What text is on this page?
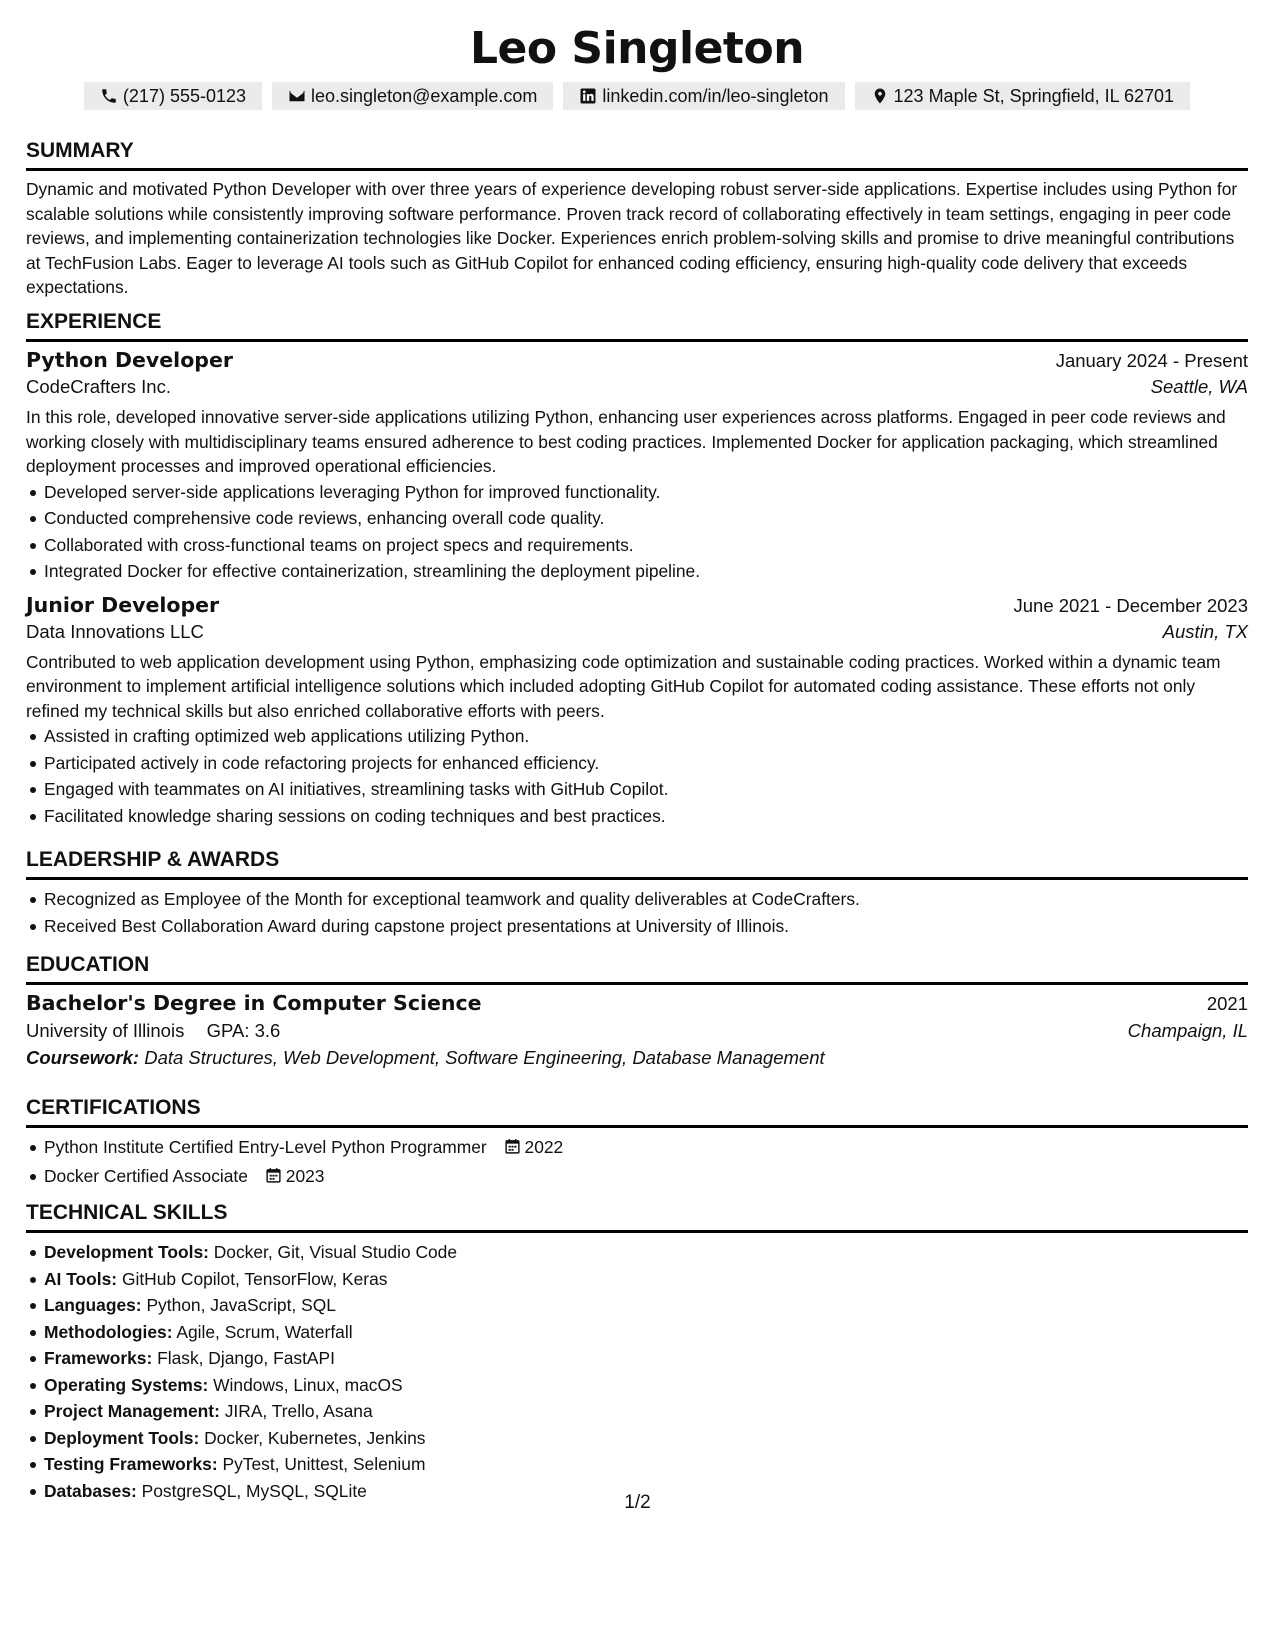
Leo Singleton
(217) 555-0123	leo.singleton@example.com	linkedin.com/in/leo-singleton	123 Maple St, Springfield, IL 62701
SUMMARY

Dynamic and motivated Python Developer with over three years of experience developing robust server-side applications. Expertise includes using Python for scalable solutions while consistently improving software performance. Proven track record of collaborating effectively in team settings, engaging in peer code reviews, and implementing containerization technologies like Docker. Experiences enrich problem-solving skills and promise to drive meaningful contributions at TechFusion Labs. Eager to leverage AI tools such as GitHub Copilot for enhanced coding efficiency, ensuring high-quality code delivery that exceeds expectations.

EXPERIENCE
Python Developer	January 2024 - Present
CodeCrafters Inc.	Seattle, WA

In this role, developed innovative server-side applications utilizing Python, enhancing user experiences across platforms. Engaged in peer code reviews and working closely with multidisciplinary teams ensured adherence to best coding practices. Implemented Docker for application packaging, which streamlined deployment processes and improved operational efficiencies.

Developed server-side applications leveraging Python for improved functionality.
Conducted comprehensive code reviews, enhancing overall code quality.
Collaborated with cross-functional teams on project specs and requirements.
Integrated Docker for effective containerization, streamlining the deployment pipeline.
Junior Developer	June 2021 - December 2023
Data Innovations LLC	Austin, TX

Contributed to web application development using Python, emphasizing code optimization and sustainable coding practices. Worked within a dynamic team environment to implement artificial intelligence solutions which included adopting GitHub Copilot for automated coding assistance. These efforts not only refined my technical skills but also enriched collaborative efforts with peers.

Assisted in crafting optimized web applications utilizing Python.
Participated actively in code refactoring projects for enhanced efficiency.
Engaged with teammates on AI initiatives, streamlining tasks with GitHub Copilot.
Facilitated knowledge sharing sessions on coding techniques and best practices.
LEADERSHIP & AWARDS
Recognized as Employee of the Month for exceptional teamwork and quality deliverables at CodeCrafters.
Received Best Collaboration Award during capstone project presentations at University of Illinois.
EDUCATION
Bachelor's Degree in Computer Science	2021
University of Illinois GPA: 3.6	Champaign, IL
Coursework: Data Structures, Web Development, Software Engineering, Database Management
CERTIFICATIONS
Python Institute Certified Entry-Level Python Programmer 2022
Docker Certified Associate 2023
TECHNICAL SKILLS
Development Tools: Docker, Git, Visual Studio Code
AI Tools: GitHub Copilot, TensorFlow, Keras
Languages: Python, JavaScript, SQL
Methodologies: Agile, Scrum, Waterfall
Frameworks: Flask, Django, FastAPI
Operating Systems: Windows, Linux, macOS
Project Management: JIRA, Trello, Asana
Deployment Tools: Docker, Kubernetes, Jenkins
Testing Frameworks: PyTest, Unittest, Selenium
Databases: PostgreSQL, MySQL, SQLite
1/2
